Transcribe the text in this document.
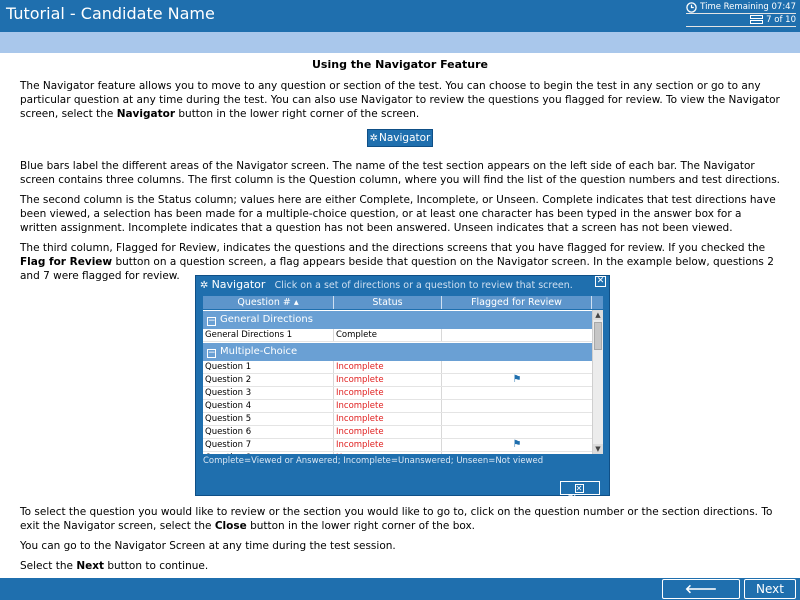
Tutorial - Candidate Name	Time Remaining 07:47
7 of 10
Using the Navigator Feature

The Navigator feature allows you to move to any question or section of the test. You can choose to begin the test in any section or go to any particular question at any time during the test. You can also use Navigator to review the questions you flagged for review. To view the Navigator screen, select the Navigator button in the lower right corner of the screen.

✲Navigator

Blue bars label the different areas of the Navigator screen. The name of the test section appears on the left side of each bar. The Navigator screen contains three columns. The first column is the Question column, where you will find the list of the question numbers and test directions.

The second column is the Status column; values here are either Complete, Incomplete, or Unseen. Complete indicates that test directions have been viewed, a selection has been made for a multiple-choice question, or at least one character has been typed in the answer box for a written assignment. Incomplete indicates that a question has not been answered. Unseen indicates that a screen has not been viewed.

The third column, Flagged for Review, indicates the questions and the directions screens that you have flagged for review. If you checked the Flag for Review button on a question screen, a flag appears beside that question on the Navigator screen. In the example below, questions 2 and 7 were flagged for review.

✲ Navigator Click on a set of directions or a question to review that screen.	✕
Question # ▴	Status	Flagged for Review
− General Directions
General Directions 1	Complete
− Multiple-Choice
Question 1	Incomplete
Question 2	Incomplete	⚑
Question 3	Incomplete
Question 4	Incomplete
Question 5	Incomplete
Question 6	Incomplete
Question 7	Incomplete	⚑
▲
▼
Complete=Viewed or Answered; Incomplete=Unanswered; Unseen=Not viewed
✕Close

To select the question you would like to review or the section you would like to go to, click on the question number or the section directions. To exit the Navigator screen, select the Close button in the lower right corner of the box.

You can go to the Navigator Screen at any time during the test session.

Select the Next button to continue.

🡐	Next
